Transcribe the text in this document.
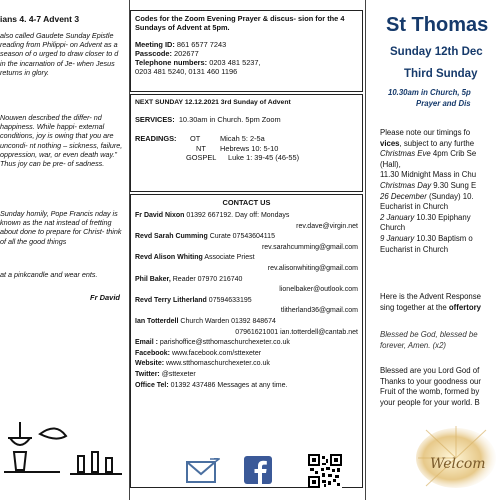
ians 4. 4-7 Advent 3

also called Gaudete Sunday Epistle reading from Philippi- on Advent as a season of o urged to draw closer to d in the incarnation of Je- when Jesus returns in glory.

Nouwen described the differ- nd happiness. While happi- external conditions, joy is owing that you are uncondi- nt nothing – sickness, failure, oppression, war, or even death way.” Thus joy can be pre- of sadness.

Sunday homily, Pope Francis nday is known as the nat instead of fretting about done to prepare for Christ- think of all the good things

at a pinkcandle and wear ents.

Fr David
Codes for the Zoom Evening Prayer & discus- sion for the 4 Sundays of Advent at 5pm.
Meeting ID: 861 6577 7243
Passcode: 202677
Telephone numbers: 0203 481 5237,
0203 481 5240, 0131 460 1196
NEXT SUNDAY 12.12.2021 3rd Sunday of Advent
SERVICES: 10.30am in Church. 5pm Zoom
READINGS:	OT	Micah 5: 2-5a
NT Hebrews 10: 5-10
GOSPEL Luke 1: 39-45 (46-55)
CONTACT US
Fr David Nixon 01392 667192. Day off: Mondays
rev.dave@virgin.net
Revd Sarah Cumming Curate 07543604115
rev.sarahcumming@gmail.com
Revd Alison Whiting Associate Priest
rev.alisonwhiting@gmail.com
Phil Baker, Reader 07970 216740
lionelbaker@outlook.com
Revd Terry Litherland 07594633195
tlitherland36@gmail.com
Ian Totterdell Church Warden 01392 848674
07961621001 ian.totterdell@cantab.net
Email : parishoffice@stthomaschurchexeter.co.uk
Facebook: www.facebook.com/sttexeter
Website: www.stthomaschurchexeter.co.uk
Twitter: @sttexeter
Office Tel: 01392 437486 Messages at any time.
St Thomas
Sunday 12th Dec
Third Sunday
10.30am in Church, 5p
Prayer and Dis
Please note our timings fo
vices, subject to any furthe
Christmas Eve 4pm Crib Se
(Hall),
11.30 Midnight Mass in Chu
Christmas Day 9.30 Sung E
26 December (Sunday) 10.
Eucharist in Church
2 January 10.30 Epiphany
Church
9 January 10.30 Baptism o
Eucharist in Church
Here is the Advent Response
sing together at the offertory
Blessed be God, blessed be
forever, Amen. (x2)
Blessed are you Lord God of
Thanks to your goodness our
Fruit of the womb, formed by
your people for your world. B
Welcom
